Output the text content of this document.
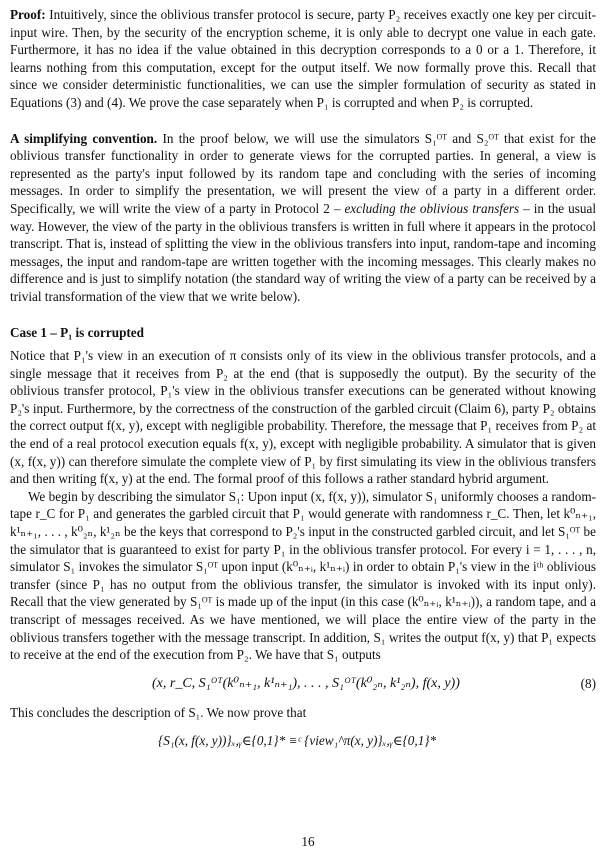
Proof: Intuitively, since the oblivious transfer protocol is secure, party P₂ receives exactly one key per circuit-input wire. Then, by the security of the encryption scheme, it is only able to decrypt one value in each gate. Furthermore, it has no idea if the value obtained in this decryption corresponds to a 0 or a 1. Therefore, it learns nothing from this computation, except for the output itself. We now formally prove this. Recall that since we consider deterministic functionalities, we can use the simpler formulation of security as stated in Equations (3) and (4). We prove the case separately when P₁ is corrupted and when P₂ is corrupted.

A simplifying convention. In the proof below, we will use the simulators S₁ᴼᵀ and S₂ᴼᵀ that exist for the oblivious transfer functionality in order to generate views for the corrupted parties. In general, a view is represented as the party's input followed by its random tape and concluding with the series of incoming messages. In order to simplify the presentation, we will present the view of a party in a different order. Specifically, we will write the view of a party in Protocol 2 – excluding the oblivious transfers – in the usual way. However, the view of the party in the oblivious transfers is written in full where it appears in the protocol transcript. That is, instead of splitting the view in the oblivious transfers into input, random-tape and incoming messages, the input and random-tape are written together with the incoming messages. This clearly makes no difference and is just to simplify notation (the standard way of writing the view of a party can be received by a trivial transformation of the view that we write below).

Case 1 – P₁ is corrupted

Notice that P₁'s view in an execution of π consists only of its view in the oblivious transfer protocols, and a single message that it receives from P₂ at the end (that is supposedly the output). By the security of the oblivious transfer protocol, P₁'s view in the oblivious transfer executions can be generated without knowing P₂'s input. Furthermore, by the correctness of the construction of the garbled circuit (Claim 6), party P₂ obtains the correct output f(x, y), except with negligible probability. Therefore, the message that P₁ receives from P₂ at the end of a real protocol execution equals f(x, y), except with negligible probability. A simulator that is given (x, f(x, y)) can therefore simulate the complete view of P₁ by first simulating its view in the oblivious transfers and then writing f(x, y) at the end. The formal proof of this follows a rather standard hybrid argument.

We begin by describing the simulator S₁: Upon input (x, f(x, y)), simulator S₁ uniformly chooses a random-tape r_C for P₁ and generates the garbled circuit that P₁ would generate with randomness r_C. Then, let k⁰ₙ₊₁, k¹ₙ₊₁, . . . , k⁰₂ₙ, k¹₂ₙ be the keys that correspond to P₂'s input in the constructed garbled circuit, and let S₁ᴼᵀ be the simulator that is guaranteed to exist for party P₁ in the oblivious transfer protocol. For every i = 1, . . . , n, simulator S₁ invokes the simulator S₁ᴼᵀ upon input (k⁰ₙ₊ᵢ, k¹ₙ₊ᵢ) in order to obtain P₁'s view in the iᵗʰ oblivious transfer (since P₁ has no output from the oblivious transfer, the simulator is invoked with its input only). Recall that the view generated by S₁ᴼᵀ is made up of the input (in this case (k⁰ₙ₊ᵢ, k¹ₙ₊ᵢ)), a random tape, and a transcript of messages received. As we have mentioned, we will place the entire view of the party in the oblivious transfers together with the message transcript. In addition, S₁ writes the output f(x, y) that P₁ expects to receive at the end of the execution from P₂. We have that S₁ outputs

(x, r_C, S₁ᴼᵀ(k⁰ₙ₊₁, k¹ₙ₊₁), . . . , S₁ᴼᵀ(k⁰₂ₙ, k¹₂ₙ), f(x, y))	(8)

This concludes the description of S₁. We now prove that

{S₁(x, f(x, y))}ₓ,ᵧ∈{0,1}* ≡ᶜ {view₁^π(x, y)}ₓ,ᵧ∈{0,1}*
16
